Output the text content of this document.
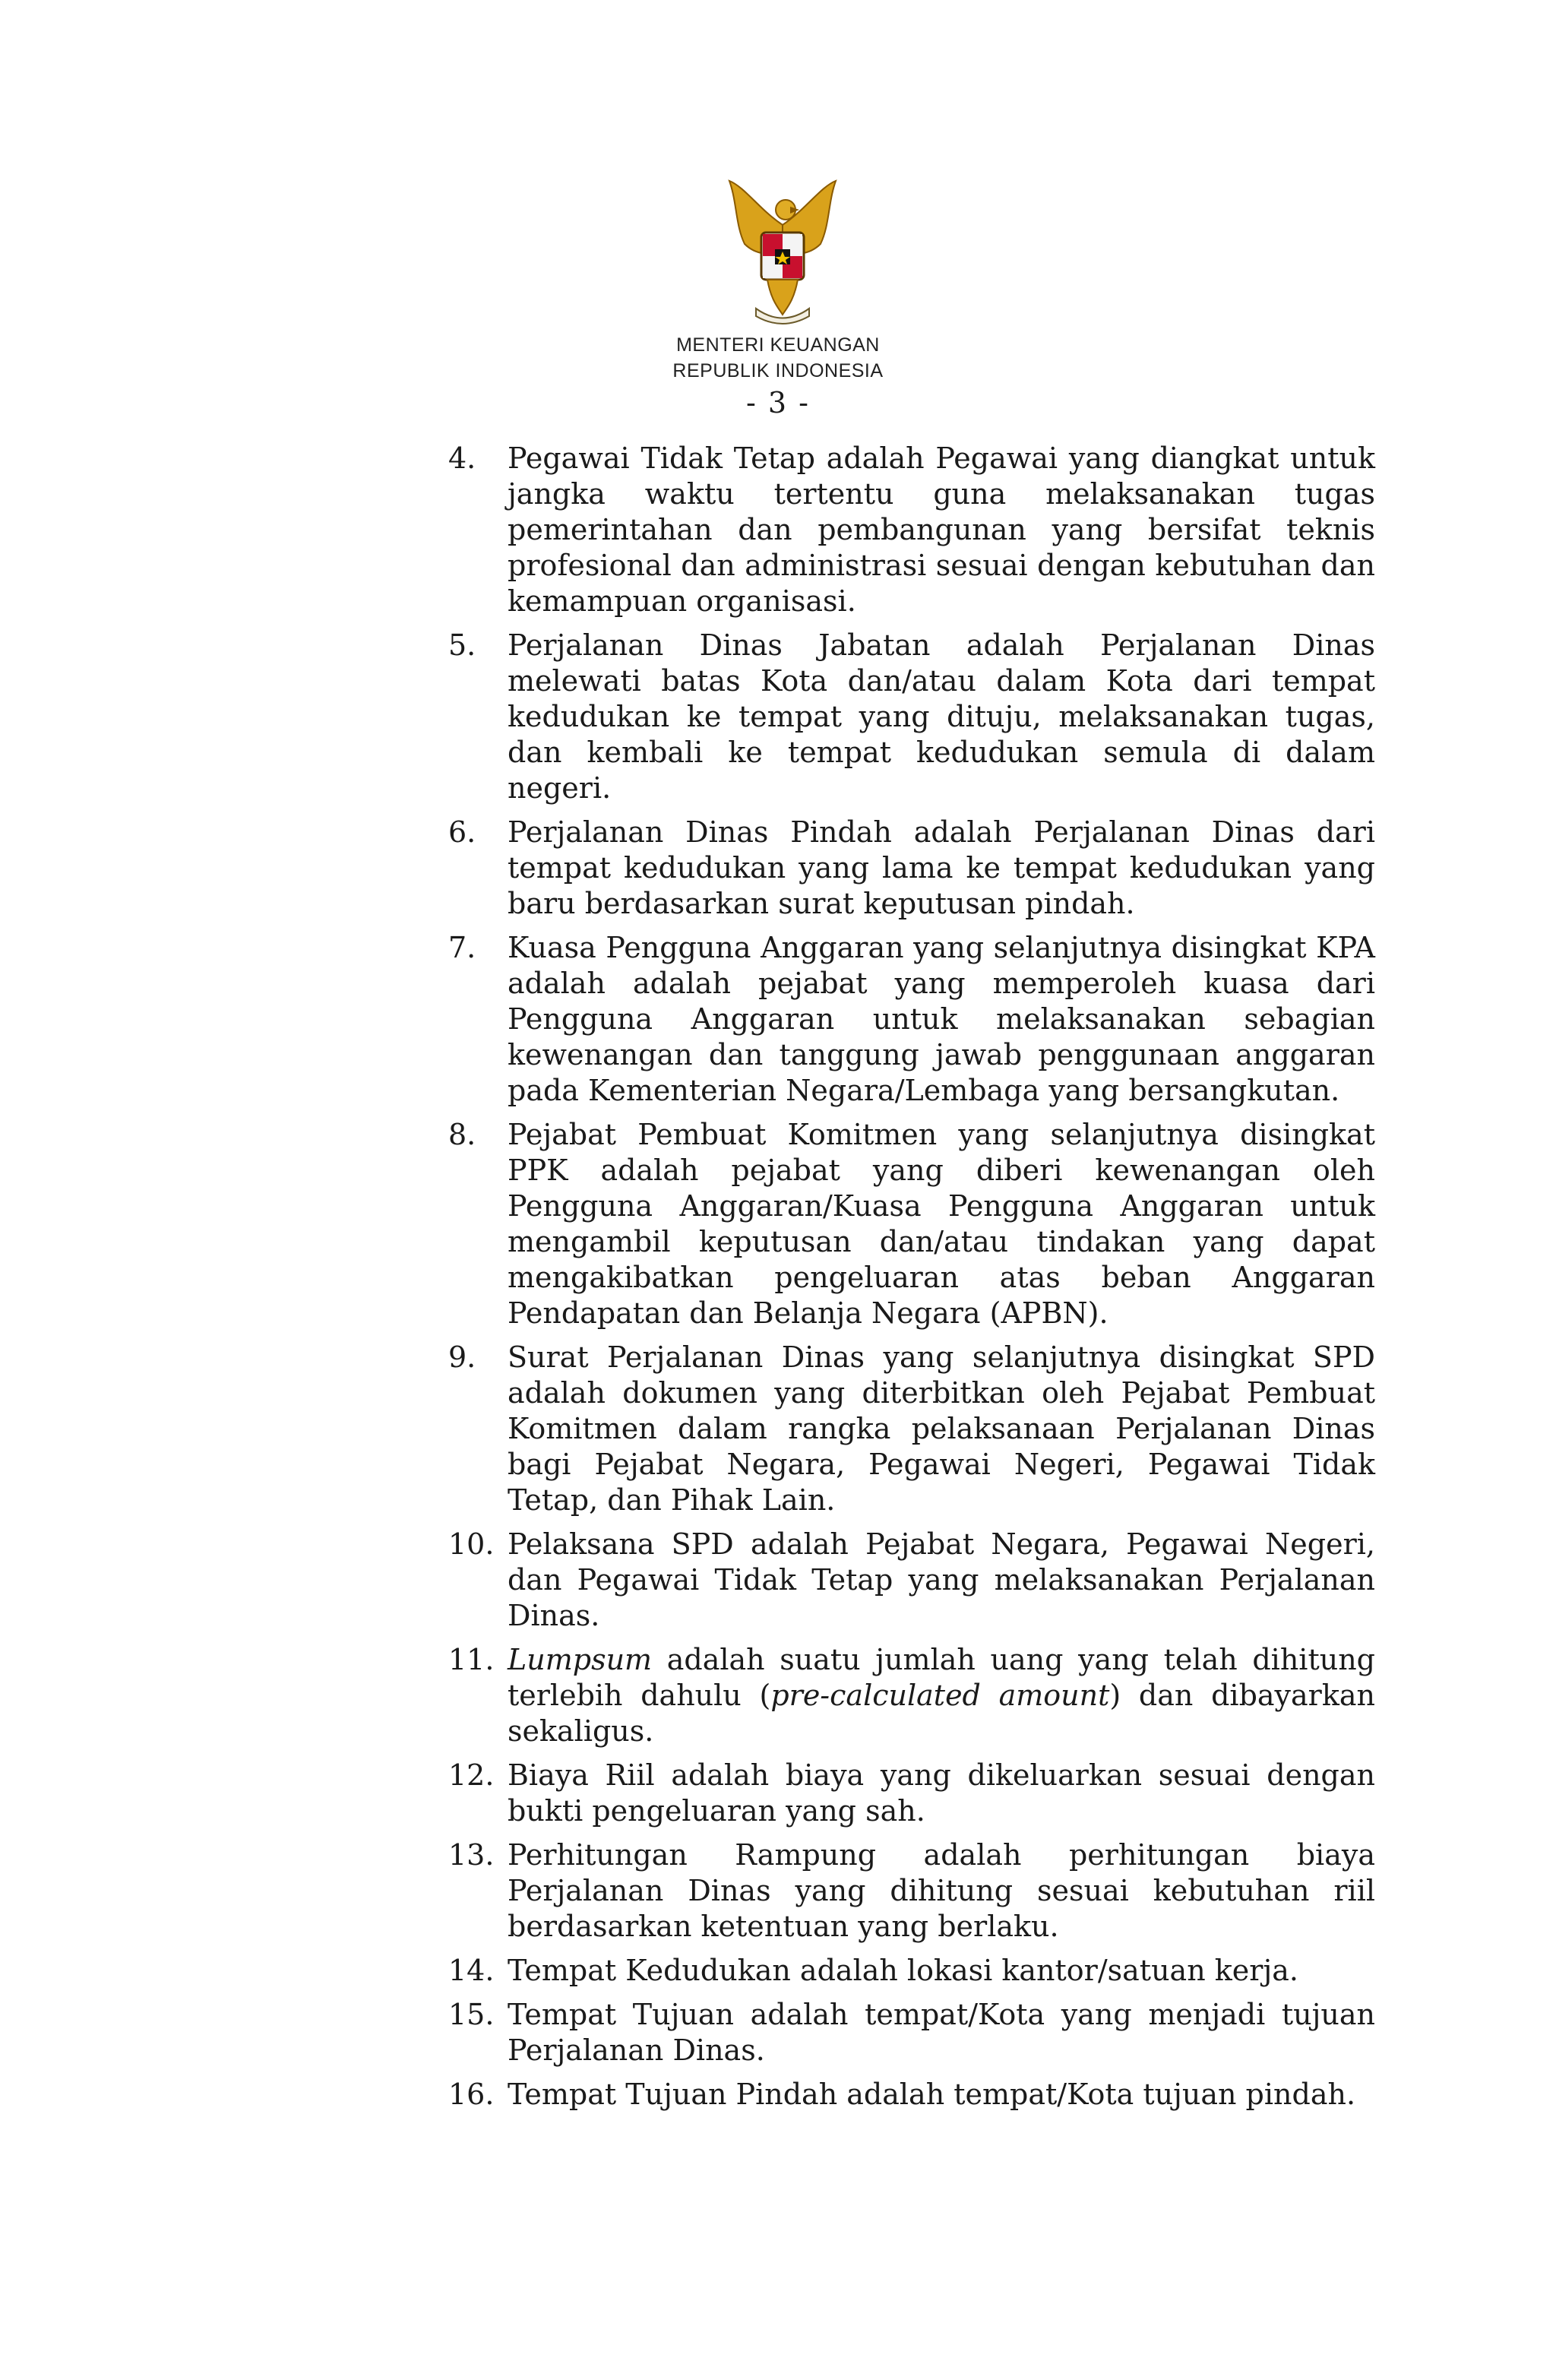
MENTERI KEUANGAN
REPUBLIK INDONESIA
- 3 -
4.	Pegawai Tidak Tetap adalah Pegawai yang diangkat untuk jangka waktu tertentu guna melaksanakan tugas pemerintahan dan pembangunan yang bersifat teknis profesional dan administrasi sesuai dengan kebutuhan dan kemampuan organisasi.
5.	Perjalanan Dinas Jabatan adalah Perjalanan Dinas melewati batas Kota dan/atau dalam Kota dari tempat kedudukan ke tempat yang dituju, melaksanakan tugas, dan kembali ke tempat kedudukan semula di dalam negeri.
6.	Perjalanan Dinas Pindah adalah Perjalanan Dinas dari tempat kedudukan yang lama ke tempat kedudukan yang baru berdasarkan surat keputusan pindah.
7.	Kuasa Pengguna Anggaran yang selanjutnya disingkat KPA adalah adalah pejabat yang memperoleh kuasa dari Pengguna Anggaran untuk melaksanakan sebagian kewenangan dan tanggung jawab penggunaan anggaran pada Kementerian Negara/Lembaga yang bersangkutan.
8.	Pejabat Pembuat Komitmen yang selanjutnya disingkat PPK adalah pejabat yang diberi kewenangan oleh Pengguna Anggaran/Kuasa Pengguna Anggaran untuk mengambil keputusan dan/atau tindakan yang dapat mengakibatkan pengeluaran atas beban Anggaran Pendapatan dan Belanja Negara (APBN).
9.	Surat Perjalanan Dinas yang selanjutnya disingkat SPD adalah dokumen yang diterbitkan oleh Pejabat Pembuat Komitmen dalam rangka pelaksanaan Perjalanan Dinas bagi Pejabat Negara, Pegawai Negeri, Pegawai Tidak Tetap, dan Pihak Lain.
10. Pelaksana SPD adalah Pejabat Negara, Pegawai Negeri, dan Pegawai Tidak Tetap yang melaksanakan Perjalanan Dinas.
11. Lumpsum adalah suatu jumlah uang yang telah dihitung terlebih dahulu (pre-calculated amount) dan dibayarkan sekaligus.
12. Biaya Riil adalah biaya yang dikeluarkan sesuai dengan bukti pengeluaran yang sah.
13. Perhitungan Rampung adalah perhitungan biaya Perjalanan Dinas yang dihitung sesuai kebutuhan riil berdasarkan ketentuan yang berlaku.
14. Tempat Kedudukan adalah lokasi kantor/satuan kerja.
15. Tempat Tujuan adalah tempat/Kota yang menjadi tujuan Perjalanan Dinas.
16. Tempat Tujuan Pindah adalah tempat/Kota tujuan pindah.
